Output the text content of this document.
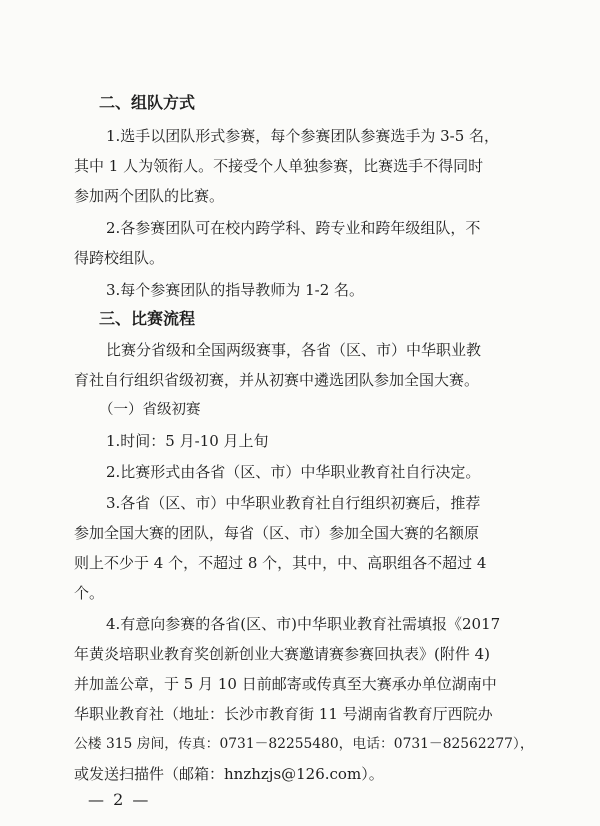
二、组队方式
1.选手以团队形式参赛，每个参赛团队参赛选手为 3-5 名，
其中 1 人为领衔人。不接受个人单独参赛，比赛选手不得同时
参加两个团队的比赛。
2.各参赛团队可在校内跨学科、跨专业和跨年级组队，不
得跨校组队。
3.每个参赛团队的指导教师为 1-2 名。
三、比赛流程
比赛分省级和全国两级赛事，各省（区、市）中华职业教
育社自行组织省级初赛，并从初赛中遴选团队参加全国大赛。
（一）省级初赛
1.时间：5 月-10 月上旬
2.比赛形式由各省（区、市）中华职业教育社自行决定。
3.各省（区、市）中华职业教育社自行组织初赛后，推荐
参加全国大赛的团队，每省（区、市）参加全国大赛的名额原
则上不少于 4 个，不超过 8 个，其中，中、高职组各不超过 4
个。
4.有意向参赛的各省(区、市)中华职业教育社需填报《2017
年黄炎培职业教育奖创新创业大赛邀请赛参赛回执表》(附件 4)
并加盖公章，于 5 月 10 日前邮寄或传真至大赛承办单位湖南中
华职业教育社（地址：长沙市教育街 11 号湖南省教育厅西院办
公楼 315 房间，传真：0731－82255480，电话：0731－82562277），
或发送扫描件（邮箱：hnzhzjs@126.com）。
— 2 —
